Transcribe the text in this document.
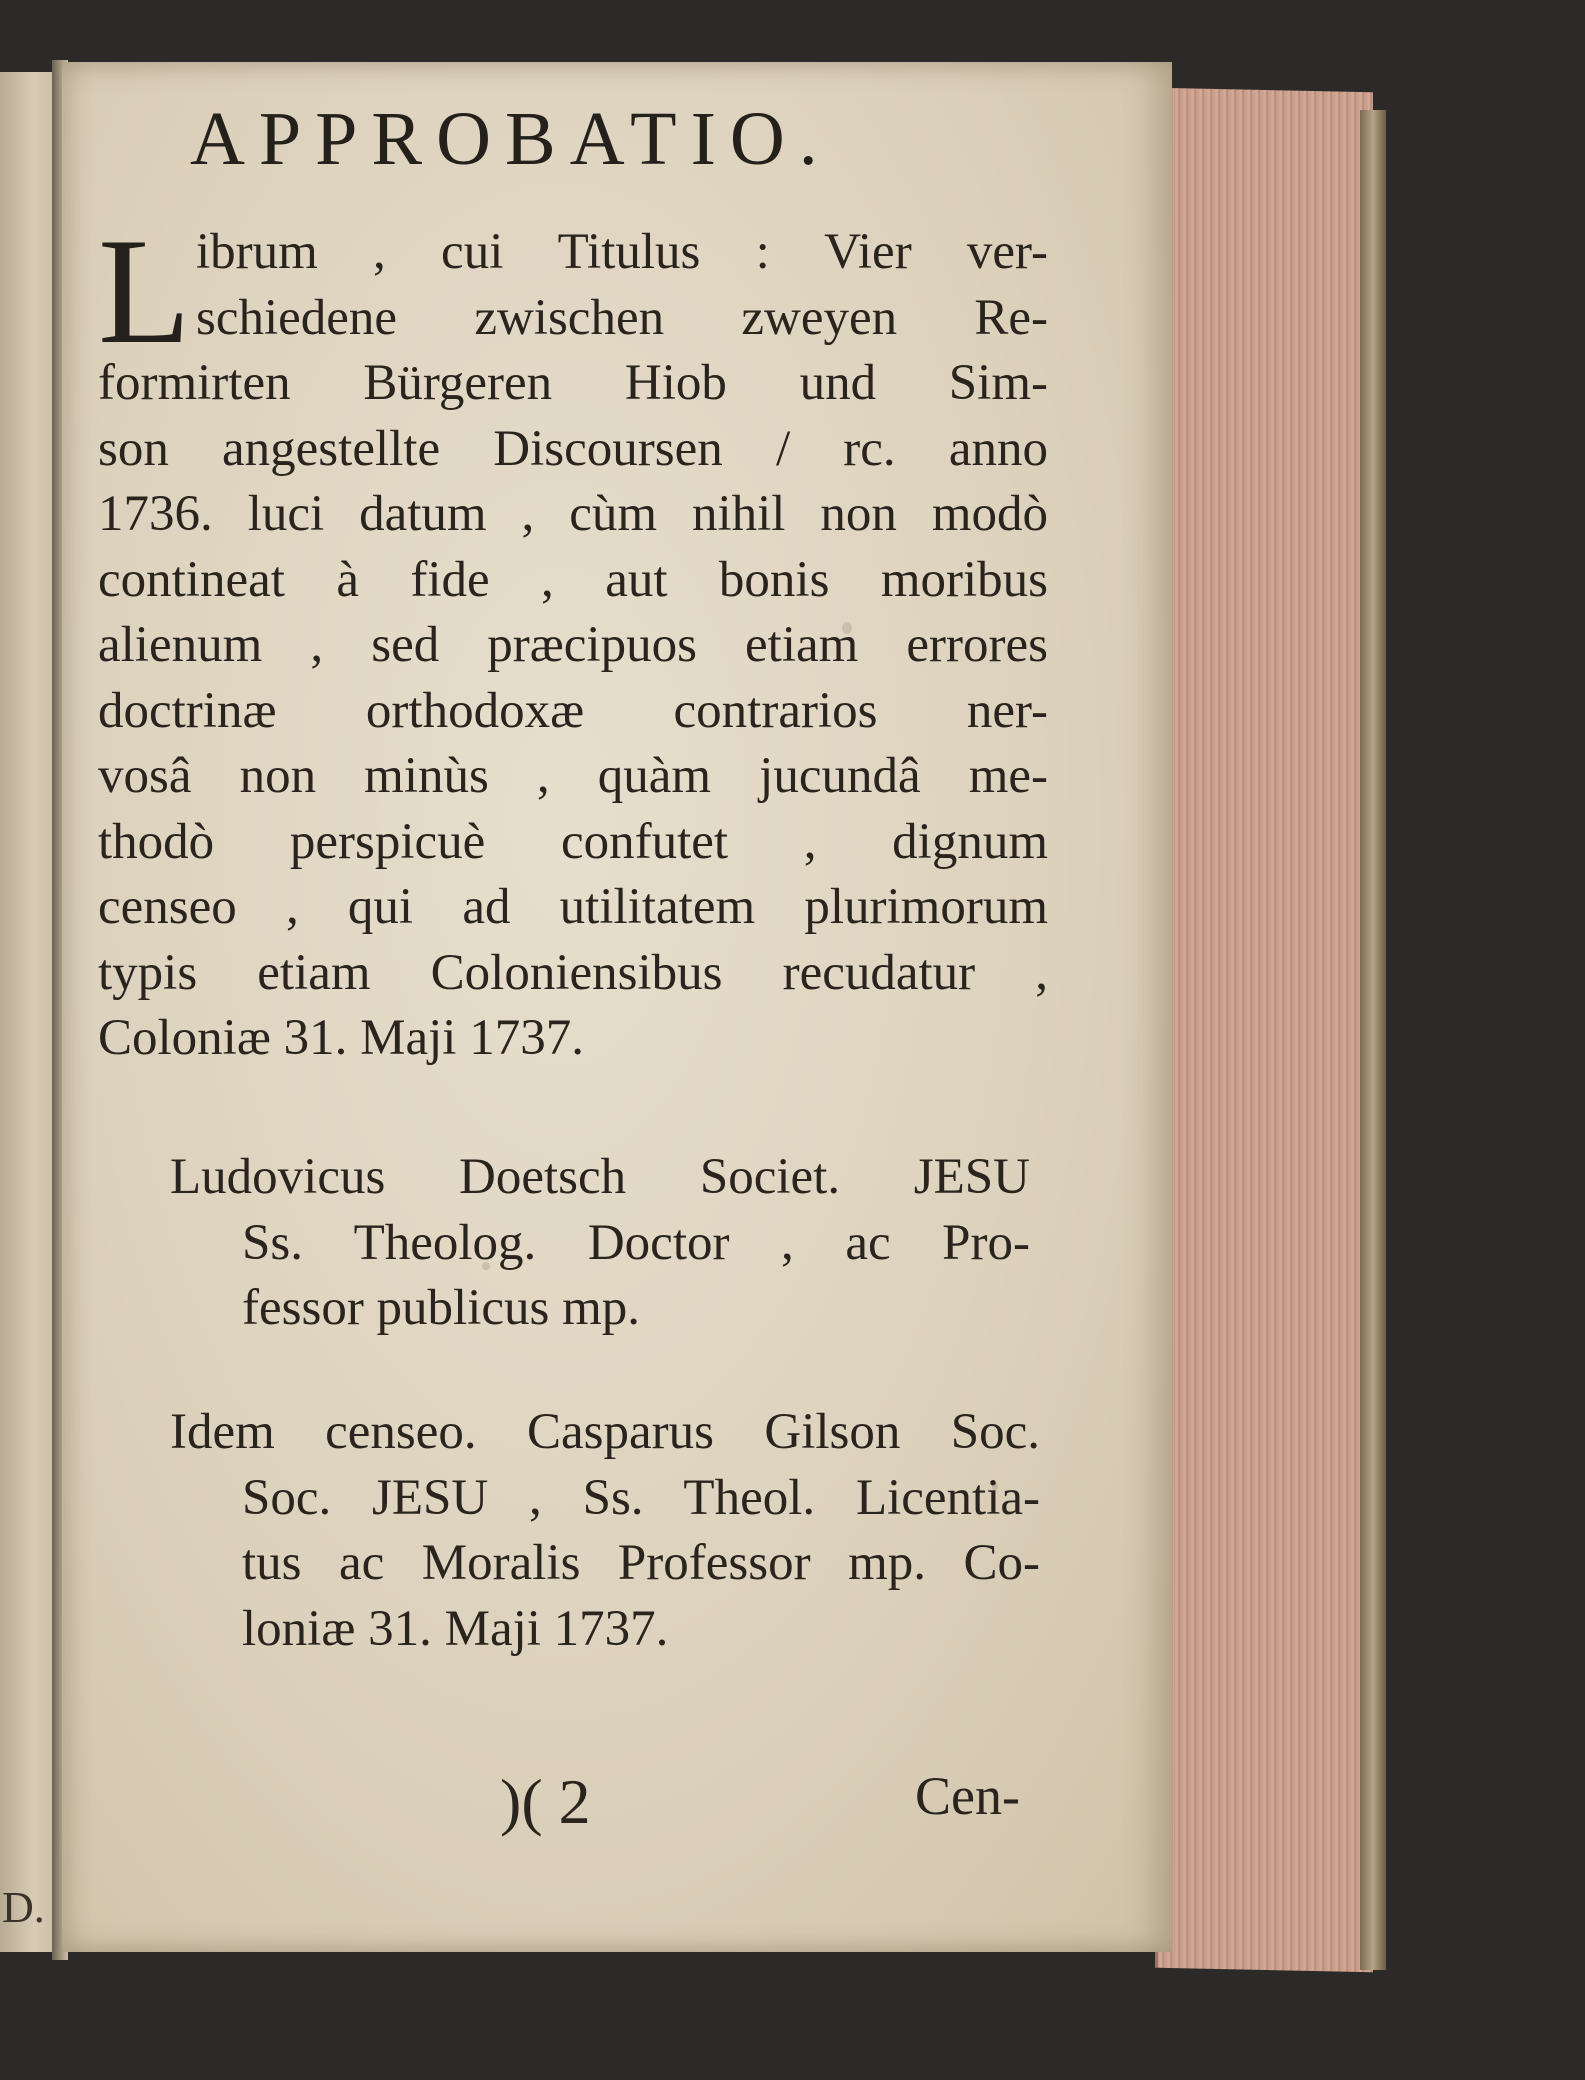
D.
APPROBATIO.
L ibrum , cui Titulus : Vier ver-
schiedene zwischen zweyen Re-
formirten Bürgeren Hiob und Sim-
son angestellte Discoursen / rc. anno
1736. luci datum , cùm nihil non modò
contineat à fide , aut bonis moribus
alienum , sed præcipuos etiam errores
doctrinæ orthodoxæ contrarios ner-
vosâ non minùs , quàm jucundâ me-
thodò perspicuè confutet , dignum
censeo , qui ad utilitatem plurimorum
typis etiam Coloniensibus recudatur ,
Coloniæ 31. Maji 1737.
Ludovicus Doetsch Societ. JESU
Ss. Theolog. Doctor , ac Pro-
fessor publicus mp.
Idem censeo. Casparus Gilson Soc.
Soc. JESU , Ss. Theol. Licentia-
tus ac Moralis Professor mp. Co-
loniæ 31. Maji 1737.
)( 2	Cen-
